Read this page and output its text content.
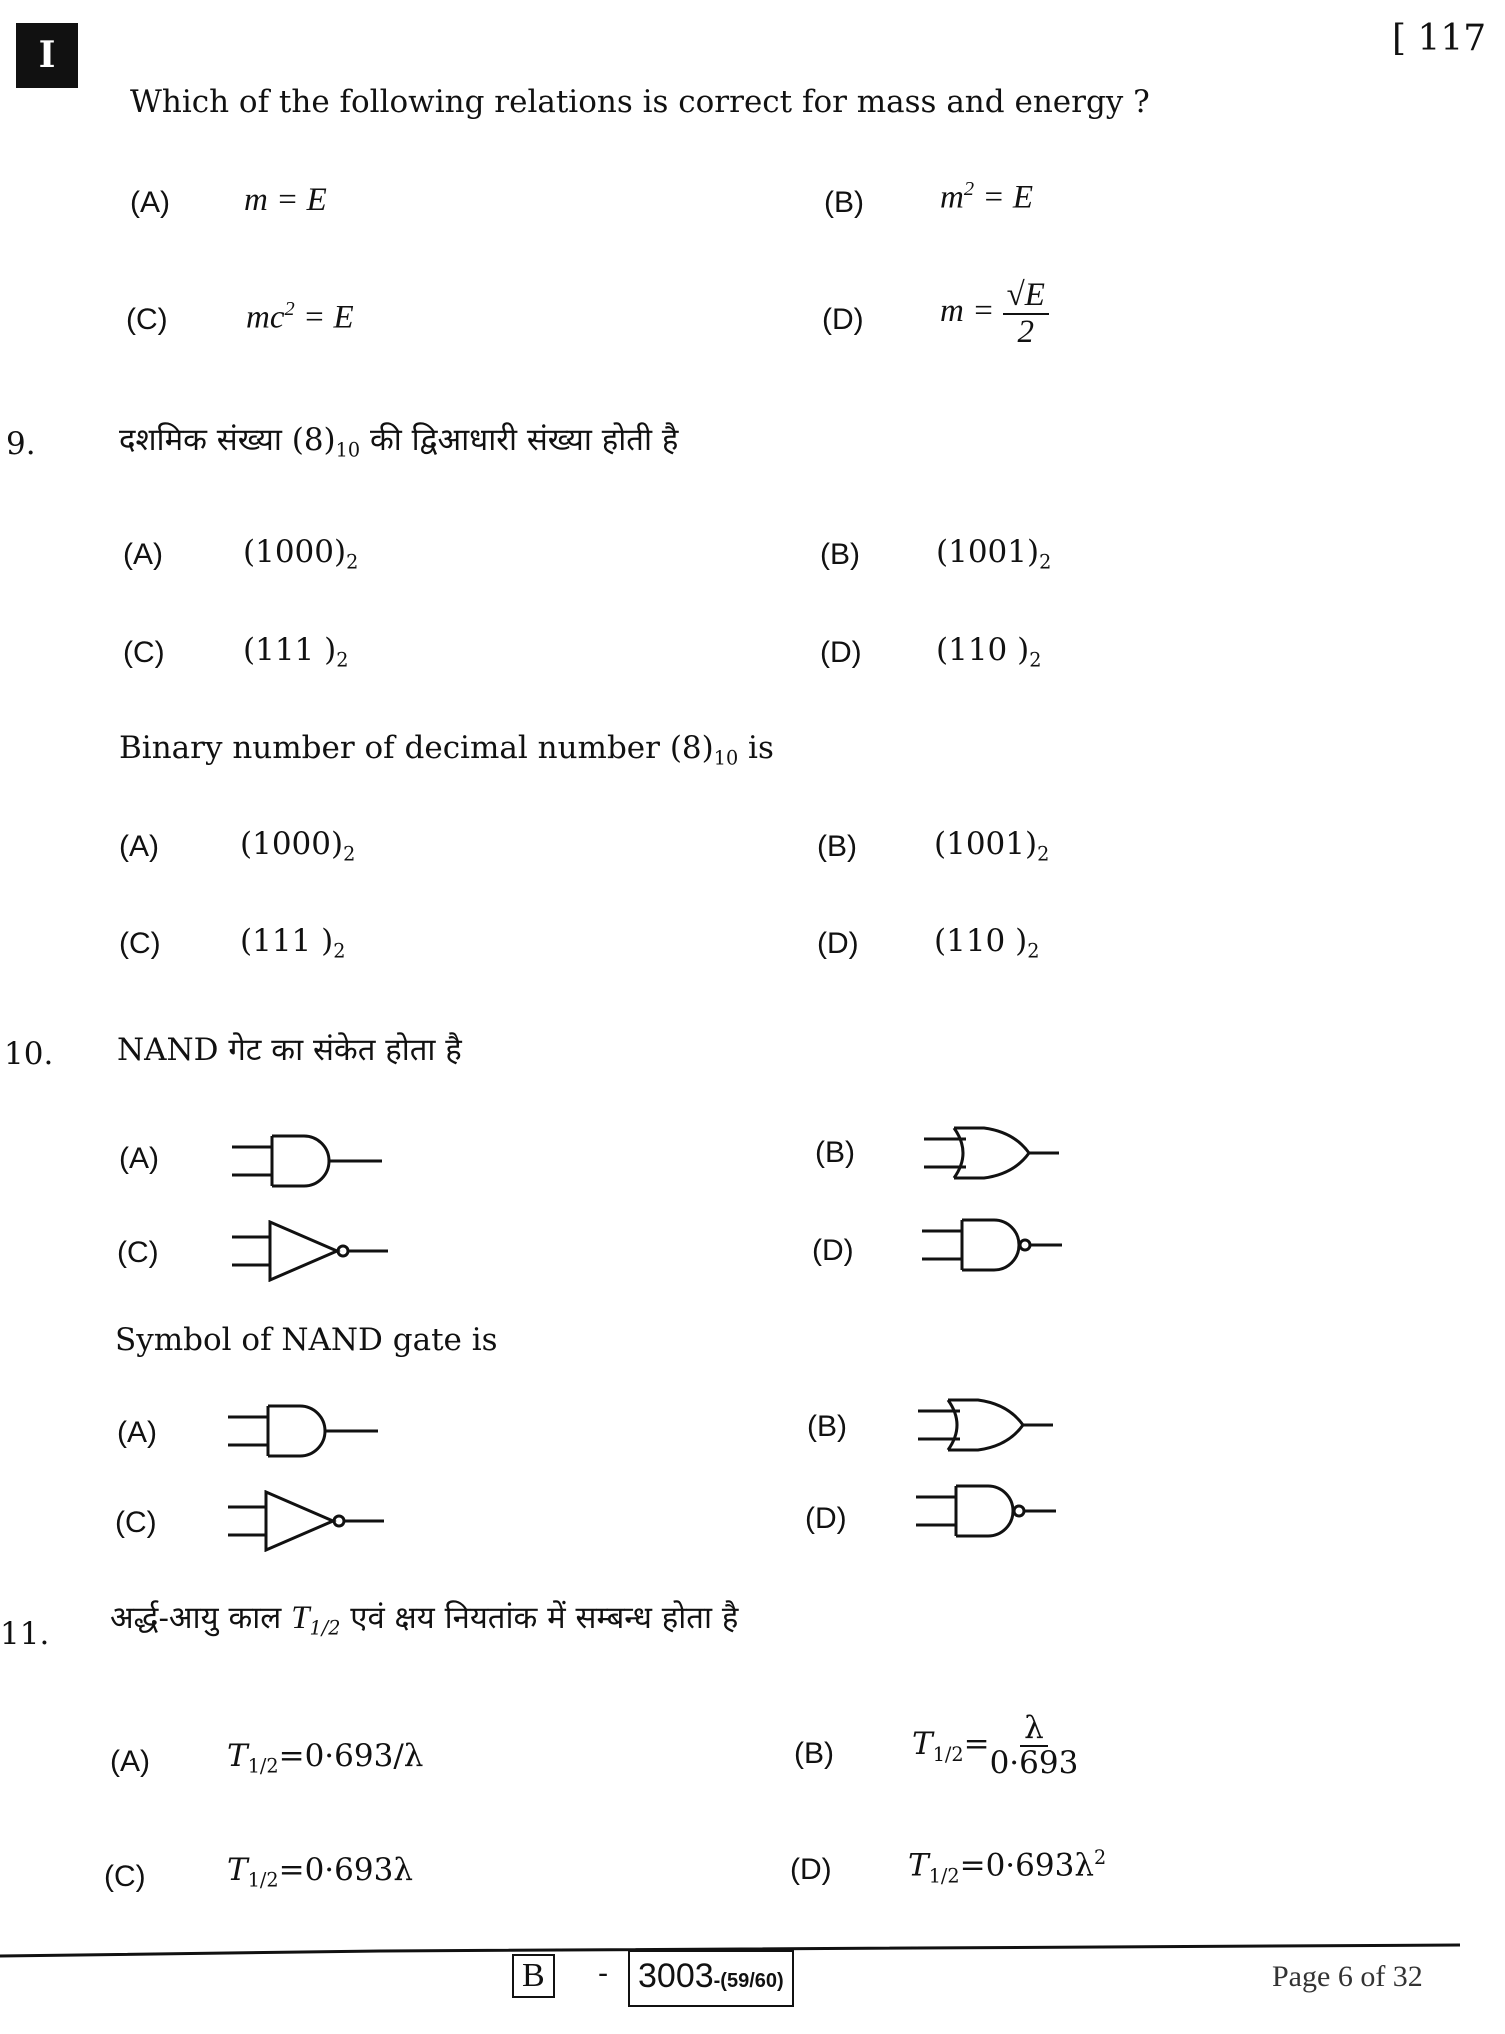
I	[ 117
Which of the following relations is correct for mass and energy ?
(A) m = E	(B) $m^2 = E$
(C) $mc^2 = E$	(D) $m = \frac{√E}{2}$
9.	दशमिक संख्या $(8)_{10}$ की द्विआधारी संख्या होती है
(A)	$(1000)_2$	(B) $(1001)_2$
(C)	(111 )$_2$	(D) (110 )$_2$
Binary number of decimal number $(8)_{10}$ is
(A)	$(1000)_2$	(B) $(1001)_2$
(C)	(111 )$_2$	(D) (110 )$_2$
10. NAND गेट का संकेत होता है
(A)	(B)
(C)	(D)
Symbol of NAND gate is
(A)	(B)
(C)	(D)
11. अर्द्ध-आयु काल $T_{1/2}$ एवं क्षय नियतांक में सम्बन्ध होता है
(A) $T_{1/2}=0\cdot 693/\lambda$	(B)	$T_{1/2}= \frac{\lambda}{0\cdot 693}$
(C)	$T_{1/2}=0\cdot 693\lambda$	(D) $T_{1/2}=0\cdot 693\lambda^2$
B	- 3003-(59/60)	Page 6 of 32
